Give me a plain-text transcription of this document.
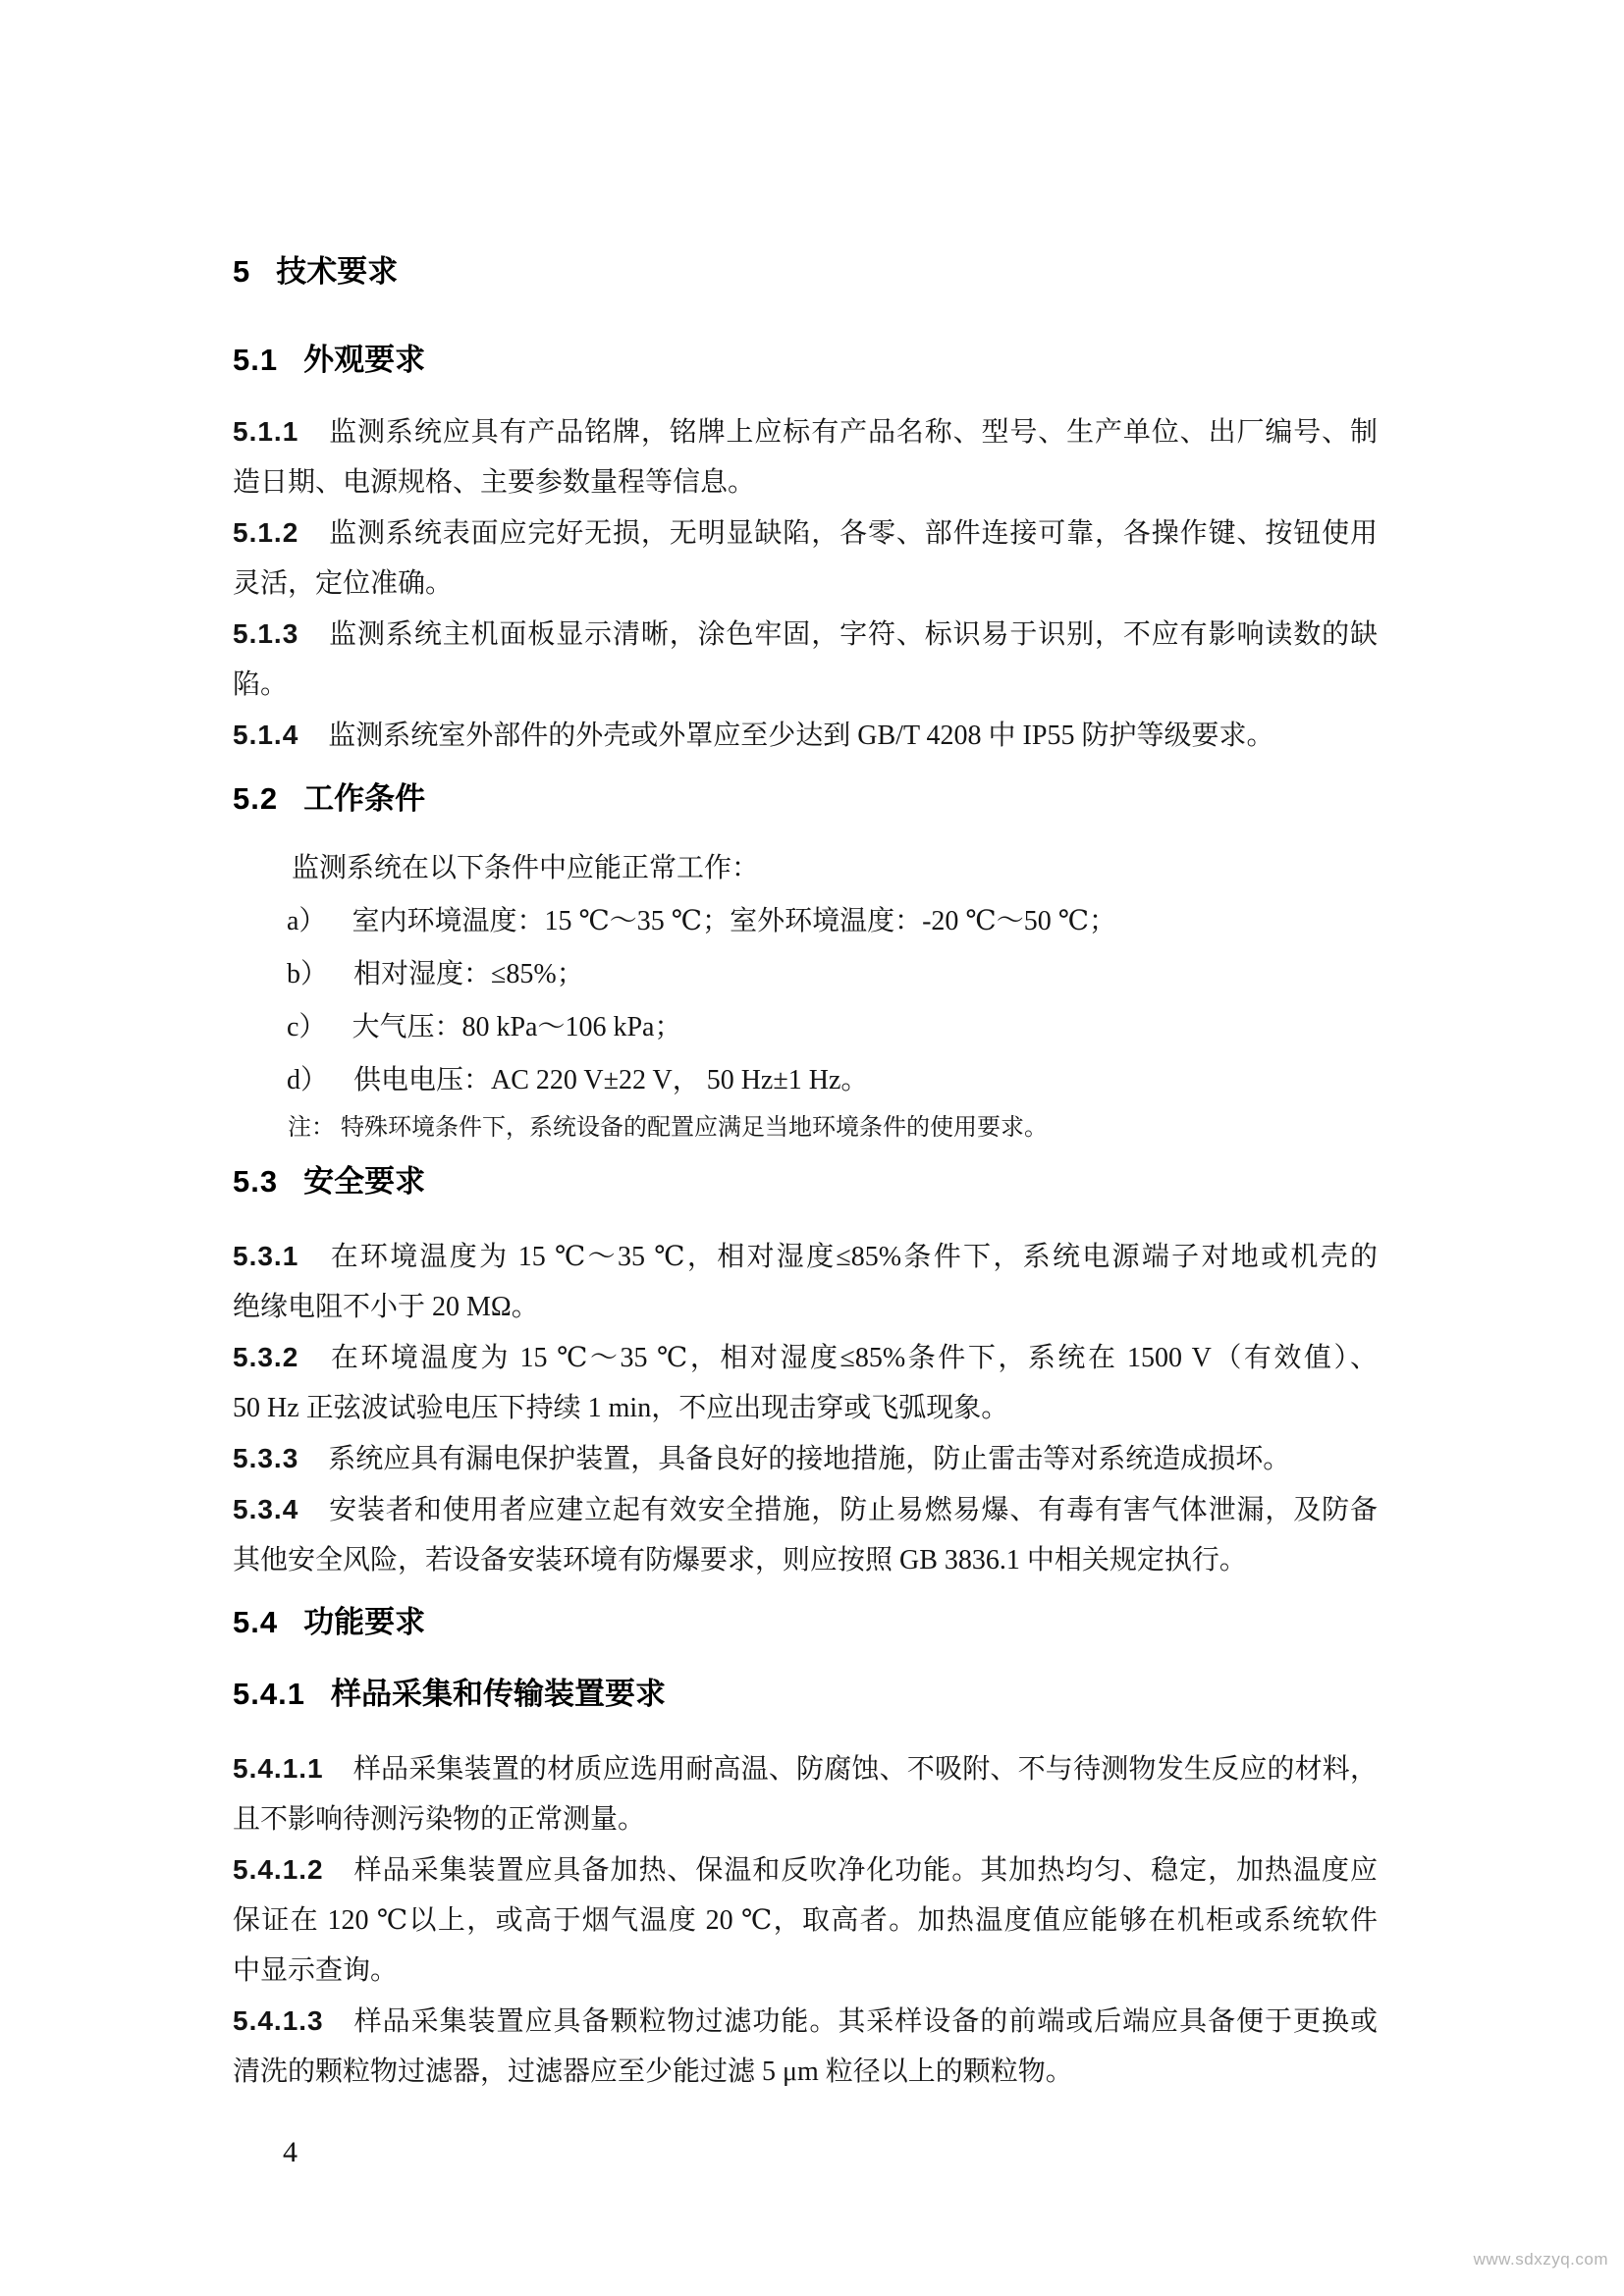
5 技术要求
5.1 外观要求
5.1.1 监测系统应具有产品铭牌，铭牌上应标有产品名称、型号、生产单位、出厂编号、制
造日期、电源规格、主要参数量程等信息。
5.1.2 监测系统表面应完好无损，无明显缺陷，各零、部件连接可靠，各操作键、按钮使用
灵活，定位准确。
5.1.3 监测系统主机面板显示清晰，涂色牢固，字符、标识易于识别，不应有影响读数的缺
陷。
5.1.4 监测系统室外部件的外壳或外罩应至少达到 GB/T 4208 中 IP55 防护等级要求。
5.2 工作条件
监测系统在以下条件中应能正常工作：
a） 室内环境温度：15 ℃～35 ℃；室外环境温度：-20 ℃～50 ℃；
b） 相对湿度：≤85%；
c） 大气压：80 kPa～106 kPa；
d） 供电电压：AC 220 V±22 V， 50 Hz±1 Hz。
注： 特殊环境条件下，系统设备的配置应满足当地环境条件的使用要求。
5.3 安全要求
5.3.1 在环境温度为 15 ℃～35 ℃，相对湿度≤85%条件下，系统电源端子对地或机壳的
绝缘电阻不小于 20 MΩ。
5.3.2 在环境温度为 15 ℃～35 ℃，相对湿度≤85%条件下，系统在 1500 V（有效值）、
50 Hz 正弦波试验电压下持续 1 min，不应出现击穿或飞弧现象。
5.3.3 系统应具有漏电保护装置，具备良好的接地措施，防止雷击等对系统造成损坏。
5.3.4 安装者和使用者应建立起有效安全措施，防止易燃易爆、有毒有害气体泄漏，及防备
其他安全风险，若设备安装环境有防爆要求，则应按照 GB 3836.1 中相关规定执行。
5.4 功能要求
5.4.1 样品采集和传输装置要求
5.4.1.1 样品采集装置的材质应选用耐高温、防腐蚀、不吸附、不与待测物发生反应的材料，
且不影响待测污染物的正常测量。
5.4.1.2 样品采集装置应具备加热、保温和反吹净化功能。其加热均匀、稳定，加热温度应
保证在 120 ℃以上，或高于烟气温度 20 ℃，取高者。加热温度值应能够在机柜或系统软件
中显示查询。
5.4.1.3 样品采集装置应具备颗粒物过滤功能。其采样设备的前端或后端应具备便于更换或
清洗的颗粒物过滤器，过滤器应至少能过滤 5 μm 粒径以上的颗粒物。
4
www.sdxzyq.com
